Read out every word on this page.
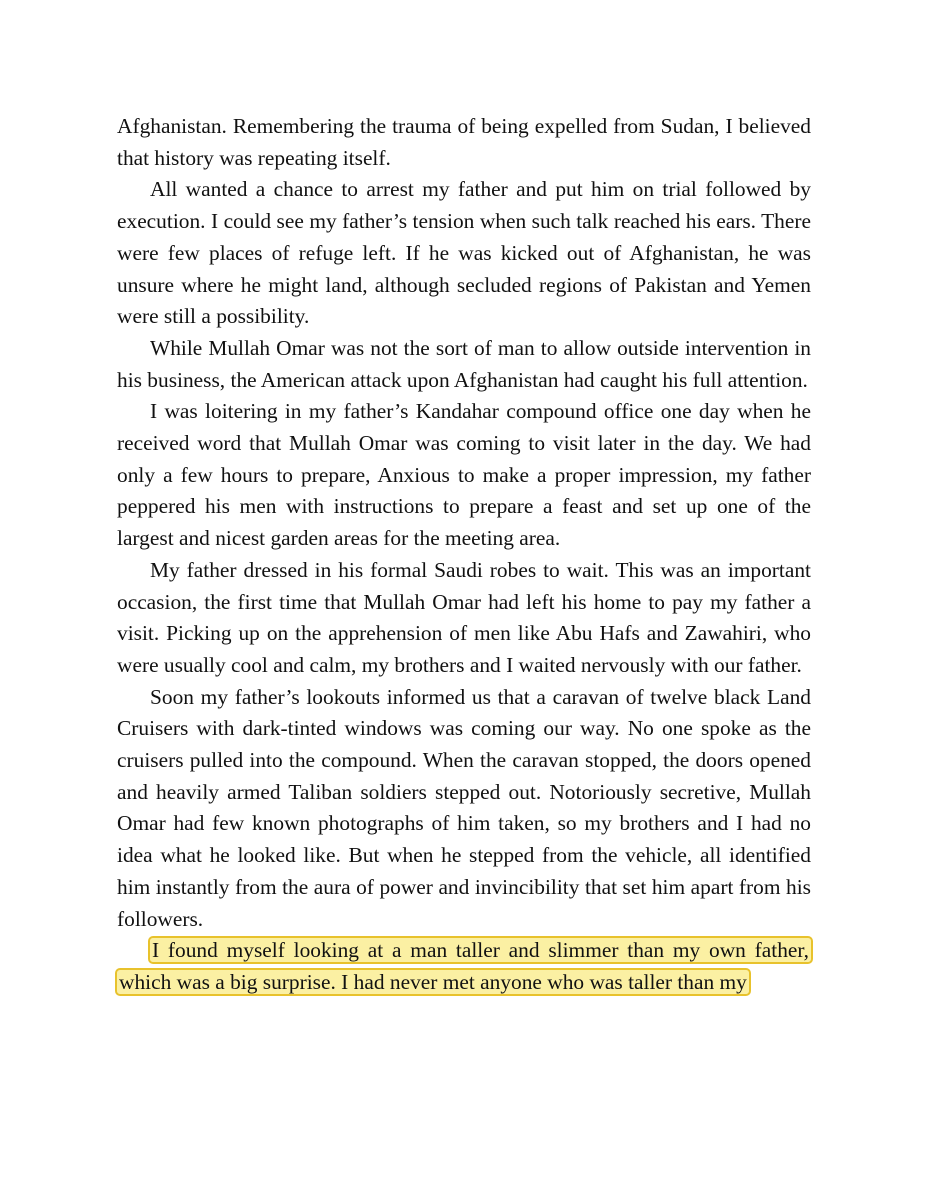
Afghanistan. Remembering the trauma of being expelled from Sudan, I believed that history was repeating itself.

All wanted a chance to arrest my father and put him on trial followed by execution. I could see my father’s tension when such talk reached his ears. There were few places of refuge left. If he was kicked out of Afghanistan, he was unsure where he might land, although secluded regions of Pakistan and Yemen were still a possibility.

While Mullah Omar was not the sort of man to allow outside intervention in his business, the American attack upon Afghanistan had caught his full attention.

I was loitering in my father’s Kandahar compound office one day when he received word that Mullah Omar was coming to visit later in the day. We had only a few hours to prepare, Anxious to make a proper impression, my father peppered his men with instructions to prepare a feast and set up one of the largest and nicest garden areas for the meeting area.

My father dressed in his formal Saudi robes to wait. This was an important occasion, the first time that Mullah Omar had left his home to pay my father a visit. Picking up on the apprehension of men like Abu Hafs and Zawahiri, who were usually cool and calm, my brothers and I waited nervously with our father.

Soon my father’s lookouts informed us that a caravan of twelve black Land Cruisers with dark-tinted windows was coming our way. No one spoke as the cruisers pulled into the compound. When the caravan stopped, the doors opened and heavily armed Taliban soldiers stepped out. Notoriously secretive, Mullah Omar had few known photographs of him taken, so my brothers and I had no idea what he looked like. But when he stepped from the vehicle, all identified him instantly from the aura of power and invincibility that set him apart from his followers.

I found myself looking at a man taller and slimmer than my own father, which was a big surprise. I had never met anyone who was taller than my
